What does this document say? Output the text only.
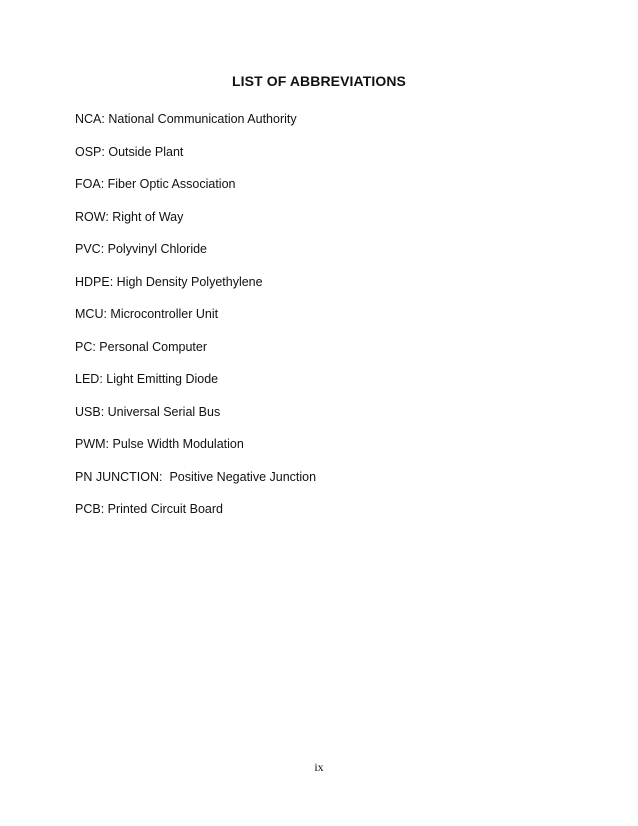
LIST OF ABBREVIATIONS
NCA: National Communication Authority
OSP: Outside Plant
FOA: Fiber Optic Association
ROW: Right of Way
PVC: Polyvinyl Chloride
HDPE: High Density Polyethylene
MCU: Microcontroller Unit
PC: Personal Computer
LED: Light Emitting Diode
USB: Universal Serial Bus
PWM: Pulse Width Modulation
PN JUNCTION:  Positive Negative Junction
PCB: Printed Circuit Board
ix
